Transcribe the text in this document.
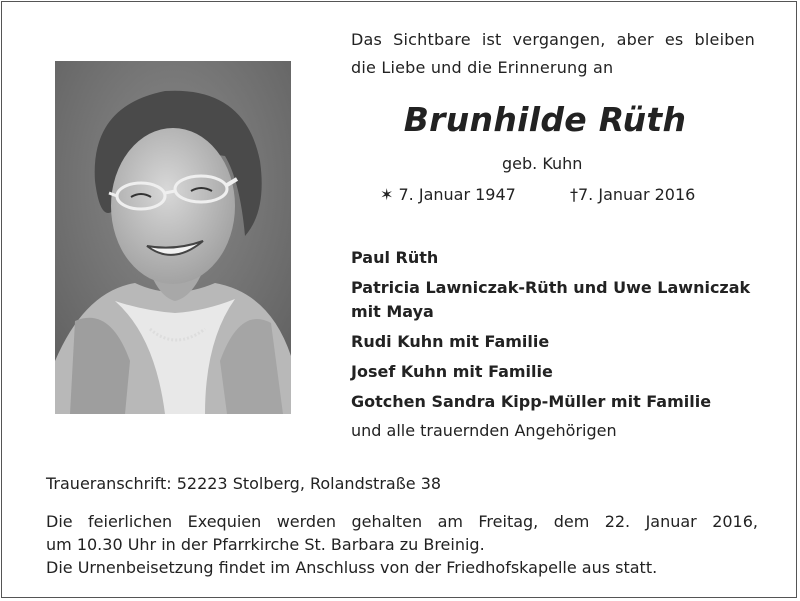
Das Sichtbare ist vergangen, aber es bleiben
die Liebe und die Erinnerung an
Brunhilde Rüth
geb. Kuhn
✶ 7. Januar 1947	†7. Januar 2016
Paul Rüth
Patricia Lawniczak-Rüth und Uwe Lawniczak
mit Maya
Rudi Kuhn mit Familie
Josef Kuhn mit Familie
Gotchen Sandra Kipp-Müller mit Familie
und alle trauernden Angehörigen
Traueranschrift: 52223 Stolberg, Rolandstraße 38
Die feierlichen Exequien werden gehalten am Freitag, dem 22. Januar 2016,
um 10.30 Uhr in der Pfarrkirche St. Barbara zu Breinig.
Die Urnenbeisetzung findet im Anschluss von der Friedhofskapelle aus statt.
